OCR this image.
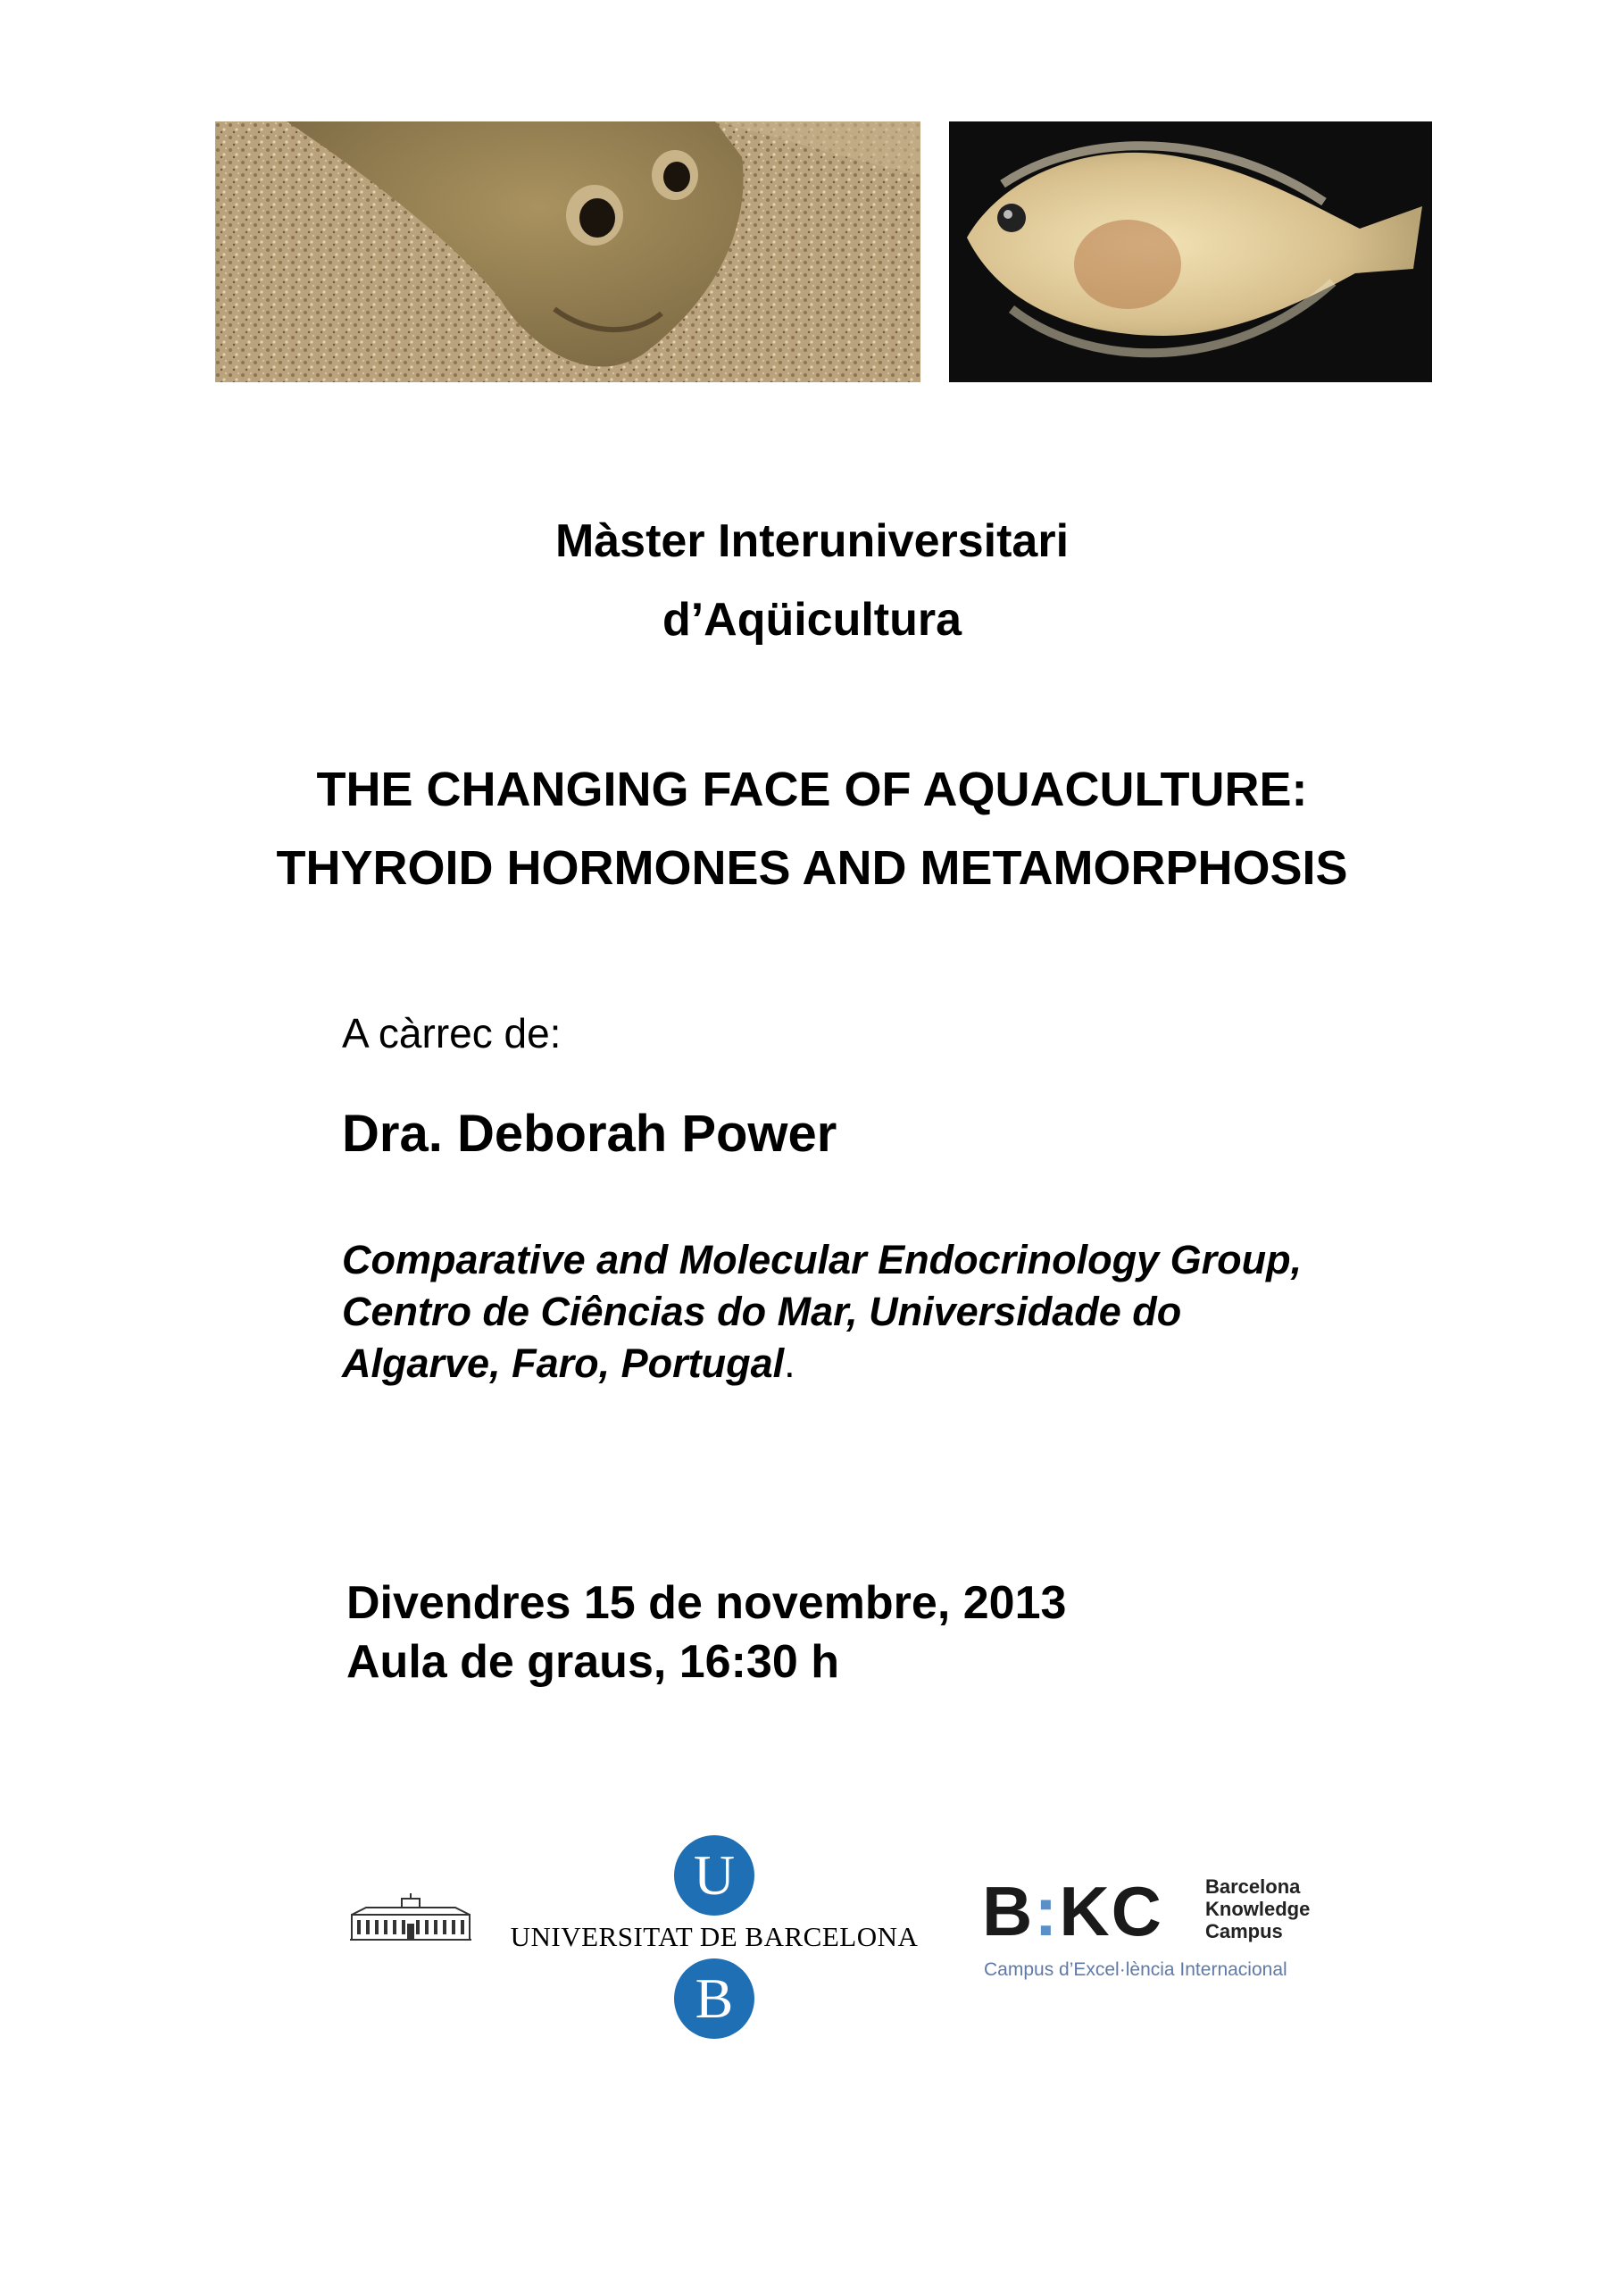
Màster Interuniversitari
d’Aqüicultura
THE CHANGING FACE OF AQUACULTURE:
THYROID HORMONES AND METAMORPHOSIS
A càrrec de:
Dra. Deborah Power
Comparative and Molecular Endocrinology Group,
Centro de Ciências do Mar, Universidade do
Algarve, Faro, Portugal.
Divendres 15 de novembre, 2013
Aula de graus, 16:30 h
U
UNIVERSITAT DE BARCELONA
B
B:KC Barcelona
Knowledge
Campus
Campus d’Excel·lència Internacional
